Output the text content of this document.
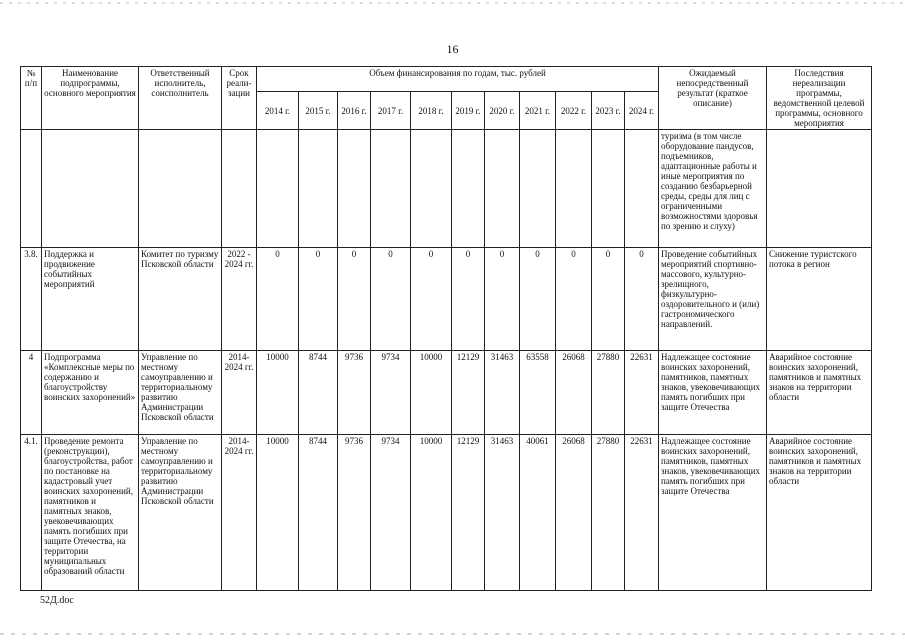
16
№ п/п	Наименование подпрограммы, основного мероприятия	Ответственный исполнитель, соисполнитель	Срок реали-зации	Объем финансирования по годам, тыс. рублей											Ожидаемый непосредственный результат (краткое описание)	Последствия нереализации программы, ведомственной целевой программы, основного мероприятия
				2014 г.	2015 г.	2016 г.	2017 г.	2018 г.	2019 г.	2020 г.	2021 г.	2022 г.	2023 г.	2024 г.		
															туризма (в том числе оборудование пандусов, подъемников, адаптационные работы и иные мероприятия по созданию безбарьерной среды, среды для лиц с ограниченными возможностями здоровья по зрению и слуху)	
3.8.	Поддержка и продвижение событийных мероприятий	Комитет по туризму Псковской области	2022 - 2024 гг.	0	0	0	0	0	0	0	0	0	0	0	Проведение событийных мероприятий спортивно-массового, культурно-зрелищного, физкультурно-оздоровительного и (или) гастрономического направлений.	Снижение туристского потока в регион
4	Подпрограмма «Комплексные меры по содержанию и благоустройству воинских захоронений»	Управление по местному самоуправлению и территориальному развитию Администрации Псковской области	2014-2024 гг.	10000	8744	9736	9734	10000	12129	31463	63558	26068	27880	22631	Надлежащее состояние воинских захоронений, памятников, памятных знаков, увековечивающих память погибших при защите Отечества	Аварийное состояние воинских захоронений, памятников и памятных знаков на территории области
4.1.	Проведение ремонта (реконструкции), благоустройства, работ по постановке на кадастровый учет воинских захоронений, памятников и памятных знаков, увековечивающих память погибших при защите Отечества, на территории муниципальных образований области	Управление по местному самоуправлению и территориальному развитию Администрации Псковской области	2014-2024 гг.	10000	8744	9736	9734	10000	12129	31463	40061	26068	27880	22631	Надлежащее состояние воинских захоронений, памятников, памятных знаков, увековечивающих память погибших при защите Отечества	Аварийное состояние воинских захоронений, памятников и памятных знаков на территории области
52Д.doc
